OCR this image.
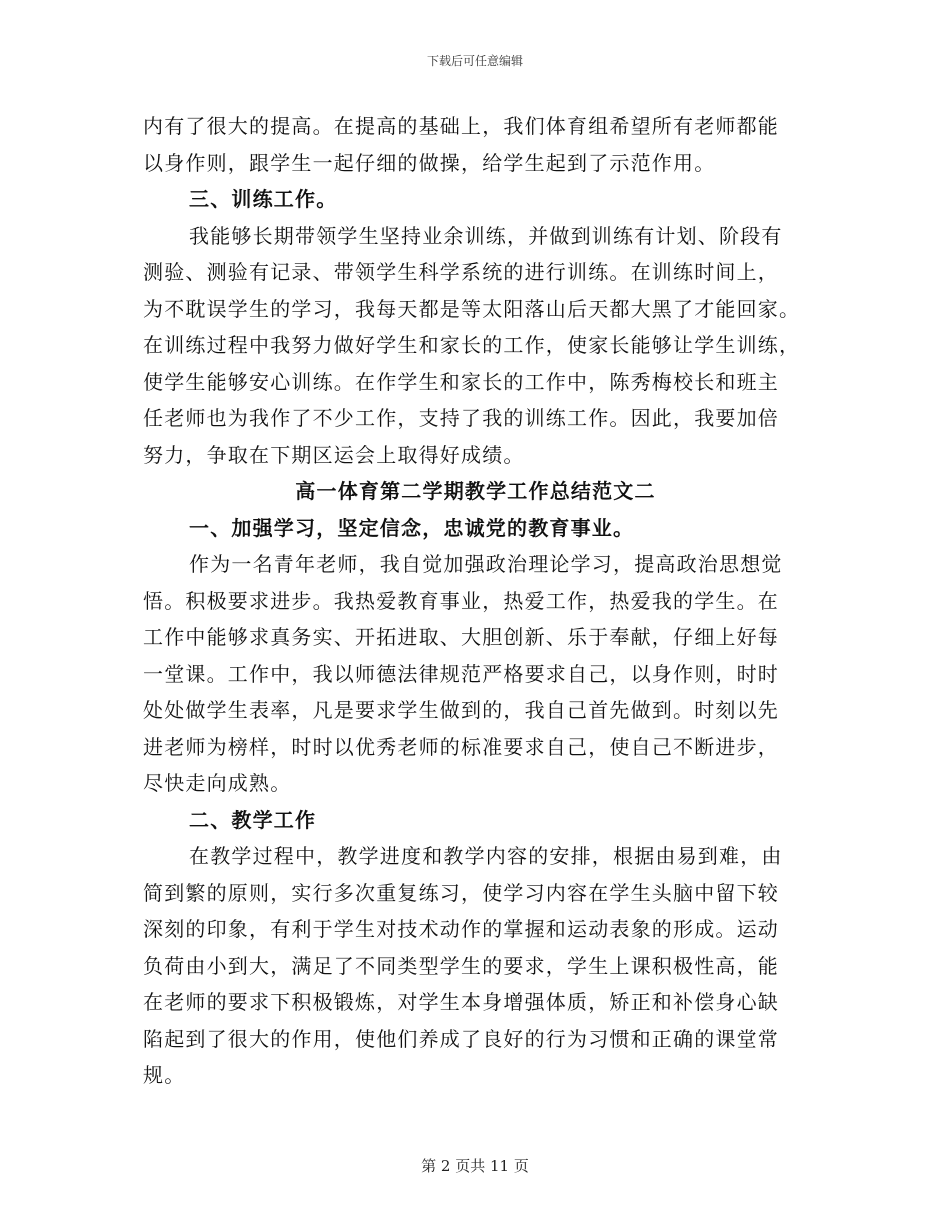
下载后可任意编辑
内有了很大的提高。在提高的基础上，我们体育组希望所有老师都能
以身作则，跟学生一起仔细的做操，给学生起到了示范作用。
三、训练工作。
我能够长期带领学生坚持业余训练，并做到训练有计划、阶段有
测验、测验有记录、带领学生科学系统的进行训练。在训练时间上，
为不耽误学生的学习，我每天都是等太阳落山后天都大黑了才能回家。
在训练过程中我努力做好学生和家长的工作，使家长能够让学生训练，
使学生能够安心训练。在作学生和家长的工作中，陈秀梅校长和班主
任老师也为我作了不少工作，支持了我的训练工作。因此，我要加倍
努力，争取在下期区运会上取得好成绩。
高一体育第二学期教学工作总结范文二
一、加强学习，坚定信念，忠诚党的教育事业。
作为一名青年老师，我自觉加强政治理论学习，提高政治思想觉
悟。积极要求进步。我热爱教育事业，热爱工作，热爱我的学生。在
工作中能够求真务实、开拓进取、大胆创新、乐于奉献，仔细上好每
一堂课。工作中，我以师德法律规范严格要求自己，以身作则，时时
处处做学生表率，凡是要求学生做到的，我自己首先做到。时刻以先
进老师为榜样，时时以优秀老师的标准要求自己，使自己不断进步，
尽快走向成熟。
二、教学工作
在教学过程中，教学进度和教学内容的安排，根据由易到难，由
简到繁的原则，实行多次重复练习，使学习内容在学生头脑中留下较
深刻的印象，有利于学生对技术动作的掌握和运动表象的形成。运动
负荷由小到大，满足了不同类型学生的要求，学生上课积极性高，能
在老师的要求下积极锻炼，对学生本身增强体质，矫正和补偿身心缺
陷起到了很大的作用，使他们养成了良好的行为习惯和正确的课堂常
规。
第 2 页共 11 页
